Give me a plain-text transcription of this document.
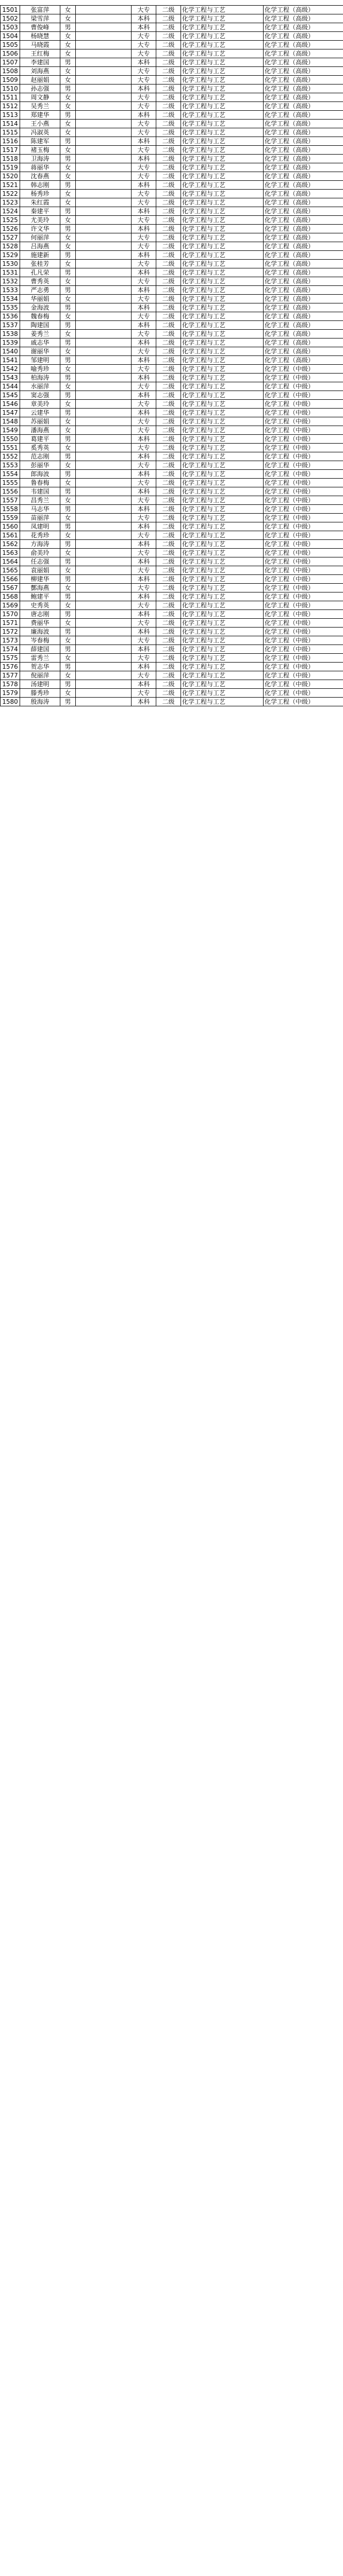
1501	张富萍	女		大专	二级	化学工程与工艺	化学工程（高级）
1502	梁雪萍	女		本科	二级	化学工程与工艺	化学工程（高级）
1503	曹俊峰	男		本科	二级	化学工程与工艺	化学工程（高级）
1504	杨晓慧	女		大专	二级	化学工程与工艺	化学工程（高级）
1505	马晓霞	女		大专	二级	化学工程与工艺	化学工程（高级）
1506	王红梅	女		大专	二级	化学工程与工艺	化学工程（高级）
1507	李建国	男		本科	二级	化学工程与工艺	化学工程（高级）
1508	刘海燕	女		大专	二级	化学工程与工艺	化学工程（高级）
1509	赵丽娟	女		大专	二级	化学工程与工艺	化学工程（高级）
1510	孙志强	男		本科	二级	化学工程与工艺	化学工程（高级）
1511	周文静	女		大专	二级	化学工程与工艺	化学工程（高级）
1512	吴秀兰	女		大专	二级	化学工程与工艺	化学工程（高级）
1513	郑建华	男		本科	二级	化学工程与工艺	化学工程（高级）
1514	王小燕	女		大专	二级	化学工程与工艺	化学工程（高级）
1515	冯淑英	女		大专	二级	化学工程与工艺	化学工程（高级）
1516	陈建军	男		本科	二级	化学工程与工艺	化学工程（高级）
1517	褚玉梅	女		大专	二级	化学工程与工艺	化学工程（高级）
1518	卫海涛	男		本科	二级	化学工程与工艺	化学工程（高级）
1519	蒋丽华	女		大专	二级	化学工程与工艺	化学工程（高级）
1520	沈春燕	女		大专	二级	化学工程与工艺	化学工程（高级）
1521	韩志刚	男		本科	二级	化学工程与工艺	化学工程（高级）
1522	杨秀珍	女		大专	二级	化学工程与工艺	化学工程（高级）
1523	朱红霞	女		大专	二级	化学工程与工艺	化学工程（高级）
1524	秦建平	男		本科	二级	化学工程与工艺	化学工程（高级）
1525	尤美玲	女		大专	二级	化学工程与工艺	化学工程（高级）
1526	许文华	男		本科	二级	化学工程与工艺	化学工程（高级）
1527	何丽萍	女		大专	二级	化学工程与工艺	化学工程（高级）
1528	吕海燕	女		大专	二级	化学工程与工艺	化学工程（高级）
1529	施建新	男		本科	二级	化学工程与工艺	化学工程（高级）
1530	张桂芳	女		大专	二级	化学工程与工艺	化学工程（高级）
1531	孔凡荣	男		本科	二级	化学工程与工艺	化学工程（高级）
1532	曹秀英	女		大专	二级	化学工程与工艺	化学工程（高级）
1533	严志勇	男		本科	二级	化学工程与工艺	化学工程（高级）
1534	华丽娟	女		大专	二级	化学工程与工艺	化学工程（高级）
1535	金海波	男		本科	二级	化学工程与工艺	化学工程（高级）
1536	魏春梅	女		大专	二级	化学工程与工艺	化学工程（高级）
1537	陶建国	男		本科	二级	化学工程与工艺	化学工程（高级）
1538	姜秀兰	女		大专	二级	化学工程与工艺	化学工程（高级）
1539	戚志华	男		本科	二级	化学工程与工艺	化学工程（高级）
1540	谢丽华	女		大专	二级	化学工程与工艺	化学工程（高级）
1541	邹建明	男		本科	二级	化学工程与工艺	化学工程（高级）
1542	喻秀珍	女		大专	二级	化学工程与工艺	化学工程（中级）
1543	柏海涛	男		本科	二级	化学工程与工艺	化学工程（中级）
1544	水丽萍	女		大专	二级	化学工程与工艺	化学工程（中级）
1545	窦志强	男		本科	二级	化学工程与工艺	化学工程（中级）
1546	章美玲	女		大专	二级	化学工程与工艺	化学工程（中级）
1547	云建华	男		本科	二级	化学工程与工艺	化学工程（中级）
1548	苏丽娟	女		大专	二级	化学工程与工艺	化学工程（中级）
1549	潘海燕	女		大专	二级	化学工程与工艺	化学工程（中级）
1550	葛建平	男		本科	二级	化学工程与工艺	化学工程（中级）
1551	奚秀英	女		大专	二级	化学工程与工艺	化学工程（中级）
1552	范志刚	男		本科	二级	化学工程与工艺	化学工程（中级）
1553	彭丽华	女		大专	二级	化学工程与工艺	化学工程（中级）
1554	郎海波	男		本科	二级	化学工程与工艺	化学工程（中级）
1555	鲁春梅	女		大专	二级	化学工程与工艺	化学工程（中级）
1556	韦建国	男		本科	二级	化学工程与工艺	化学工程（中级）
1557	昌秀兰	女		大专	二级	化学工程与工艺	化学工程（中级）
1558	马志华	男		本科	二级	化学工程与工艺	化学工程（中级）
1559	苗丽萍	女		大专	二级	化学工程与工艺	化学工程（中级）
1560	凤建明	男		本科	二级	化学工程与工艺	化学工程（中级）
1561	花秀珍	女		大专	二级	化学工程与工艺	化学工程（中级）
1562	方海涛	男		本科	二级	化学工程与工艺	化学工程（中级）
1563	俞美玲	女		大专	二级	化学工程与工艺	化学工程（中级）
1564	任志强	男		本科	二级	化学工程与工艺	化学工程（中级）
1565	袁丽娟	女		大专	二级	化学工程与工艺	化学工程（中级）
1566	柳建华	男		本科	二级	化学工程与工艺	化学工程（中级）
1567	酆海燕	女		大专	二级	化学工程与工艺	化学工程（中级）
1568	鲍建平	男		本科	二级	化学工程与工艺	化学工程（中级）
1569	史秀英	女		大专	二级	化学工程与工艺	化学工程（中级）
1570	唐志刚	男		本科	二级	化学工程与工艺	化学工程（中级）
1571	费丽华	女		大专	二级	化学工程与工艺	化学工程（中级）
1572	廉海波	男		本科	二级	化学工程与工艺	化学工程（中级）
1573	岑春梅	女		大专	二级	化学工程与工艺	化学工程（中级）
1574	薛建国	男		本科	二级	化学工程与工艺	化学工程（中级）
1575	雷秀兰	女		大专	二级	化学工程与工艺	化学工程（中级）
1576	贺志华	男		本科	二级	化学工程与工艺	化学工程（中级）
1577	倪丽萍	女		大专	二级	化学工程与工艺	化学工程（中级）
1578	汤建明	男		本科	二级	化学工程与工艺	化学工程（中级）
1579	滕秀珍	女		大专	二级	化学工程与工艺	化学工程（中级）
1580	殷海涛	男		本科	二级	化学工程与工艺	化学工程（中级）
